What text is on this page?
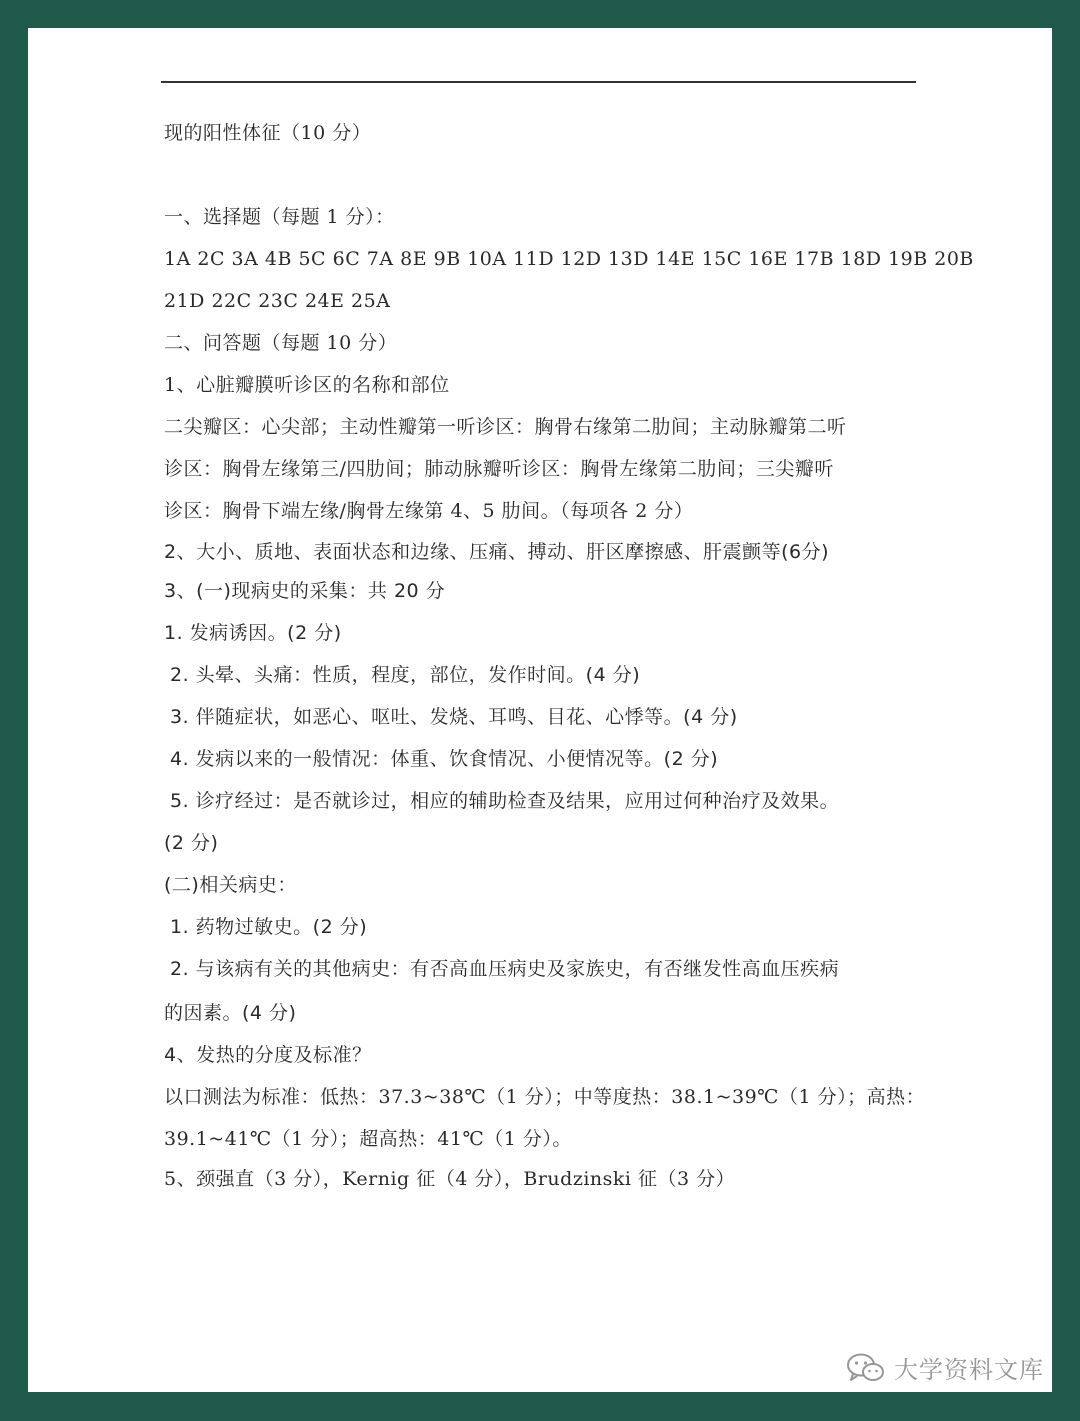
现的阳性体征（10 分）
一、选择题（每题 1 分）：
1A 2C 3A 4B 5C 6C 7A 8E 9B 10A 11D 12D 13D 14E 15C 16E 17B 18D 19B 20B
21D 22C 23C 24E 25A
二、问答题（每题 10 分）
1、心脏瓣膜听诊区的名称和部位
二尖瓣区：心尖部；主动性瓣第一听诊区：胸骨右缘第二肋间；主动脉瓣第二听
诊区：胸骨左缘第三/四肋间；肺动脉瓣听诊区：胸骨左缘第二肋间；三尖瓣听
诊区：胸骨下端左缘/胸骨左缘第 4、5 肋间。（每项各 2 分）
2、大小、质地、表面状态和边缘、压痛、搏动、肝区摩擦感、肝震颤等(6分)
3、(一)现病史的采集：共 20 分
1. 发病诱因。(2 分)
2. 头晕、头痛：性质，程度，部位，发作时间。(4 分)
3. 伴随症状，如恶心、呕吐、发烧、耳鸣、目花、心悸等。(4 分)
4. 发病以来的一般情况：体重、饮食情况、小便情况等。(2 分)
5. 诊疗经过：是否就诊过，相应的辅助检查及结果，应用过何种治疗及效果。
(2 分)
(二)相关病史：
1. 药物过敏史。(2 分)
2. 与该病有关的其他病史：有否高血压病史及家族史，有否继发性高血压疾病
的因素。(4 分)
4、发热的分度及标准？
以口测法为标准：低热：37.3~38℃（1 分）；中等度热：38.1~39℃（1 分）；高热：
39.1~41℃（1 分）；超高热：41℃（1 分）。
5、颈强直（3 分），Kernig 征（4 分），Brudzinski 征（3 分）
大学资料文库
